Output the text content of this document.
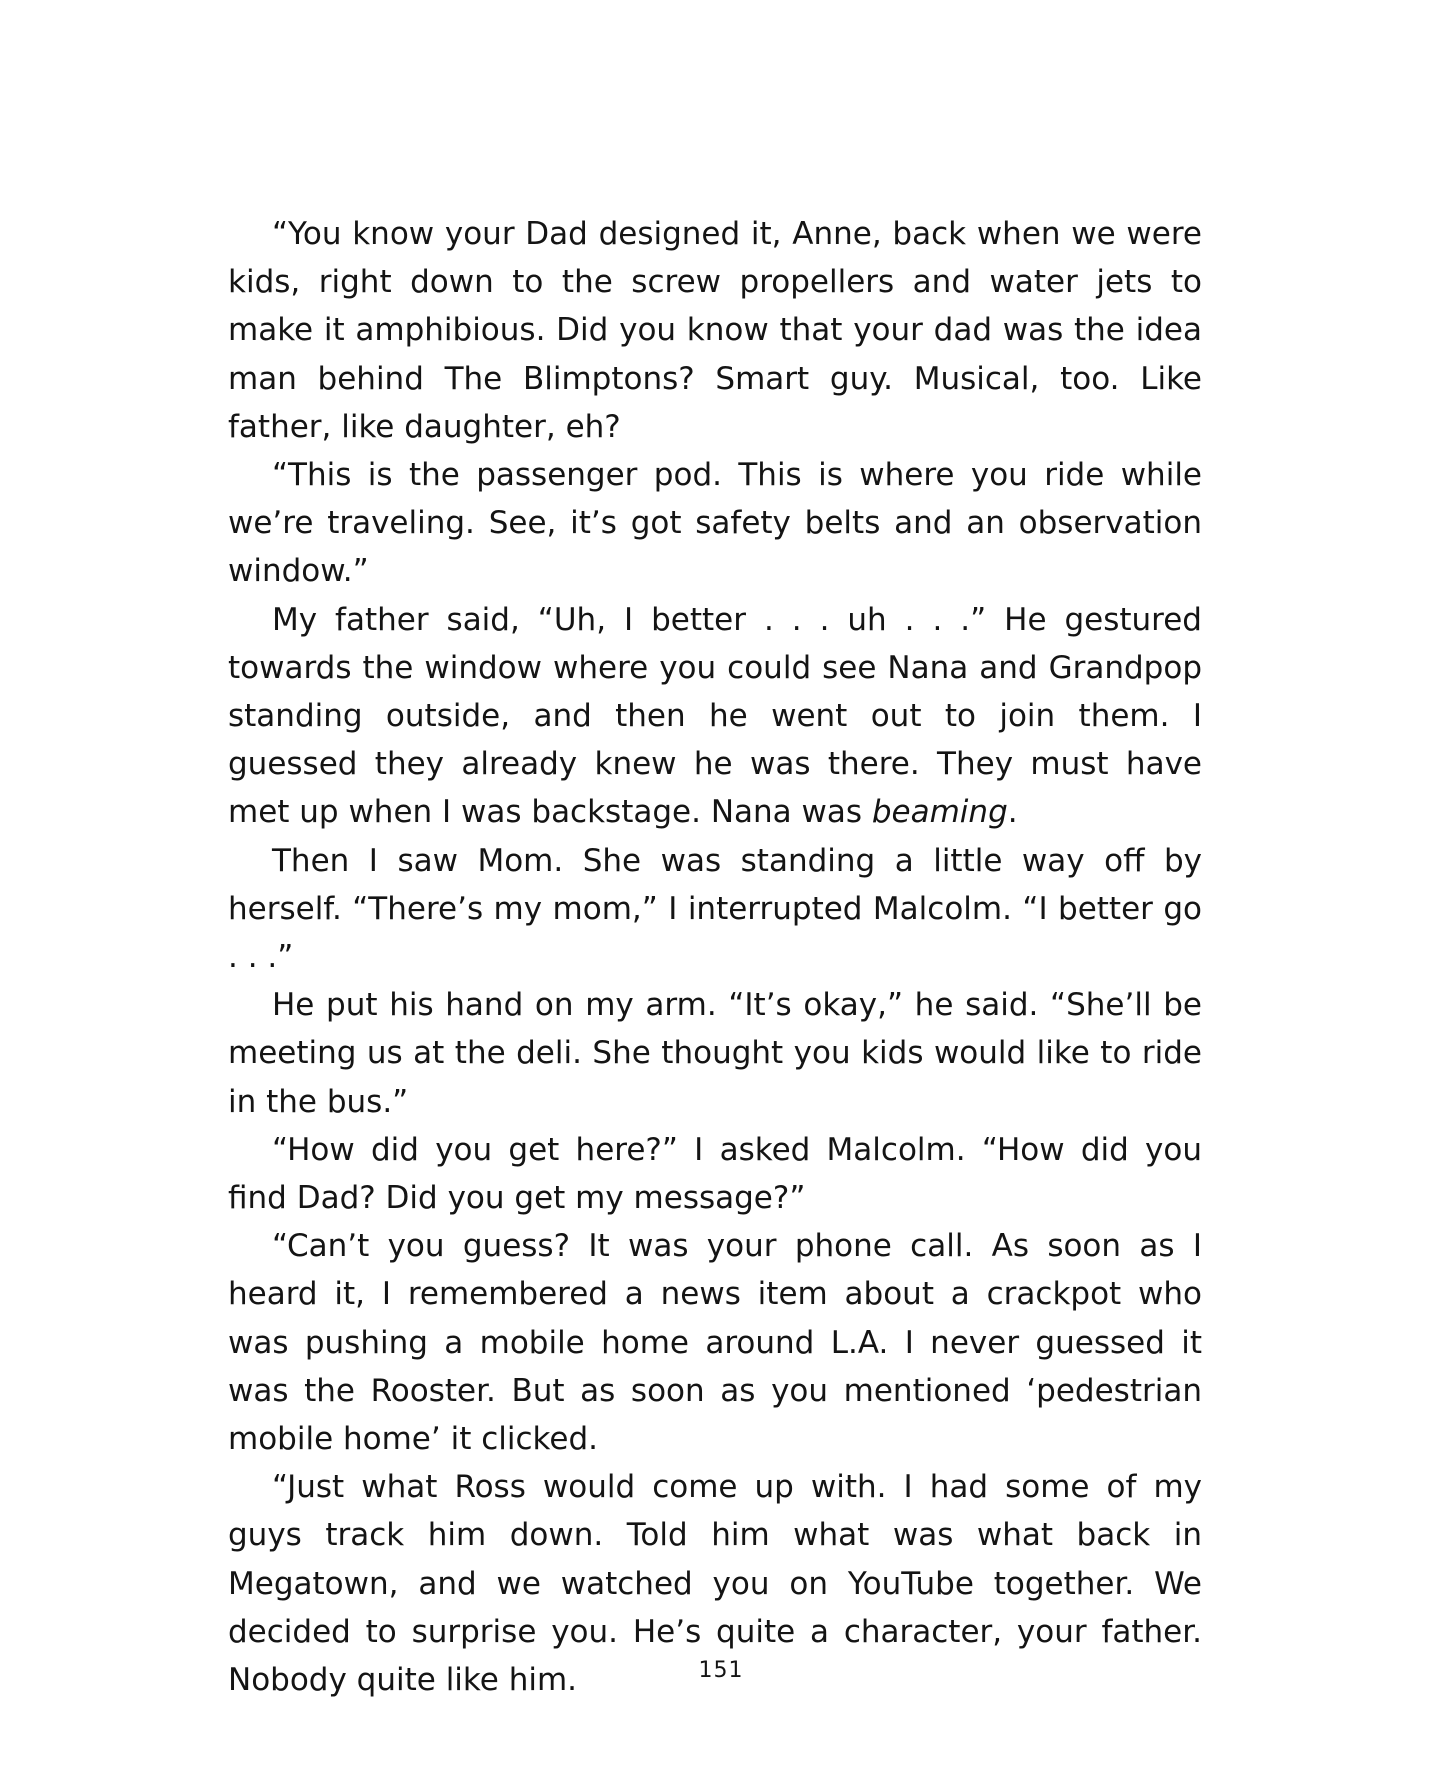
“You know your Dad designed it, Anne, back when we were kids, right down to the screw propellers and water jets to make it amphibious. Did you know that your dad was the idea man behind The Blimptons? Smart guy. Musical, too. Like father, like daughter, eh?

“This is the passenger pod. This is where you ride while we’re traveling. See, it’s got safety belts and an observation window.”

My father said, “Uh, I better . . . uh . . .” He gestured towards the window where you could see Nana and Grandpop standing outside, and then he went out to join them. I guessed they already knew he was there. They must have met up when I was backstage. Nana was beaming.

Then I saw Mom. She was standing a little way off by herself. “There’s my mom,” I interrupted Malcolm. “I better go . . .”

He put his hand on my arm. “It’s okay,” he said. “She’ll be meeting us at the deli. She thought you kids would like to ride in the bus.”

“How did you get here?” I asked Malcolm. “How did you find Dad? Did you get my message?”

“Can’t you guess? It was your phone call. As soon as I heard it, I remembered a news item about a crackpot who was pushing a mobile home around L.A. I never guessed it was the Rooster. But as soon as you mentioned ‘pedestrian mobile home’ it clicked.

“Just what Ross would come up with. I had some of my guys track him down. Told him what was what back in Megatown, and we watched you on YouTube together. We decided to surprise you. He’s quite a character, your father. Nobody quite like him.	151
